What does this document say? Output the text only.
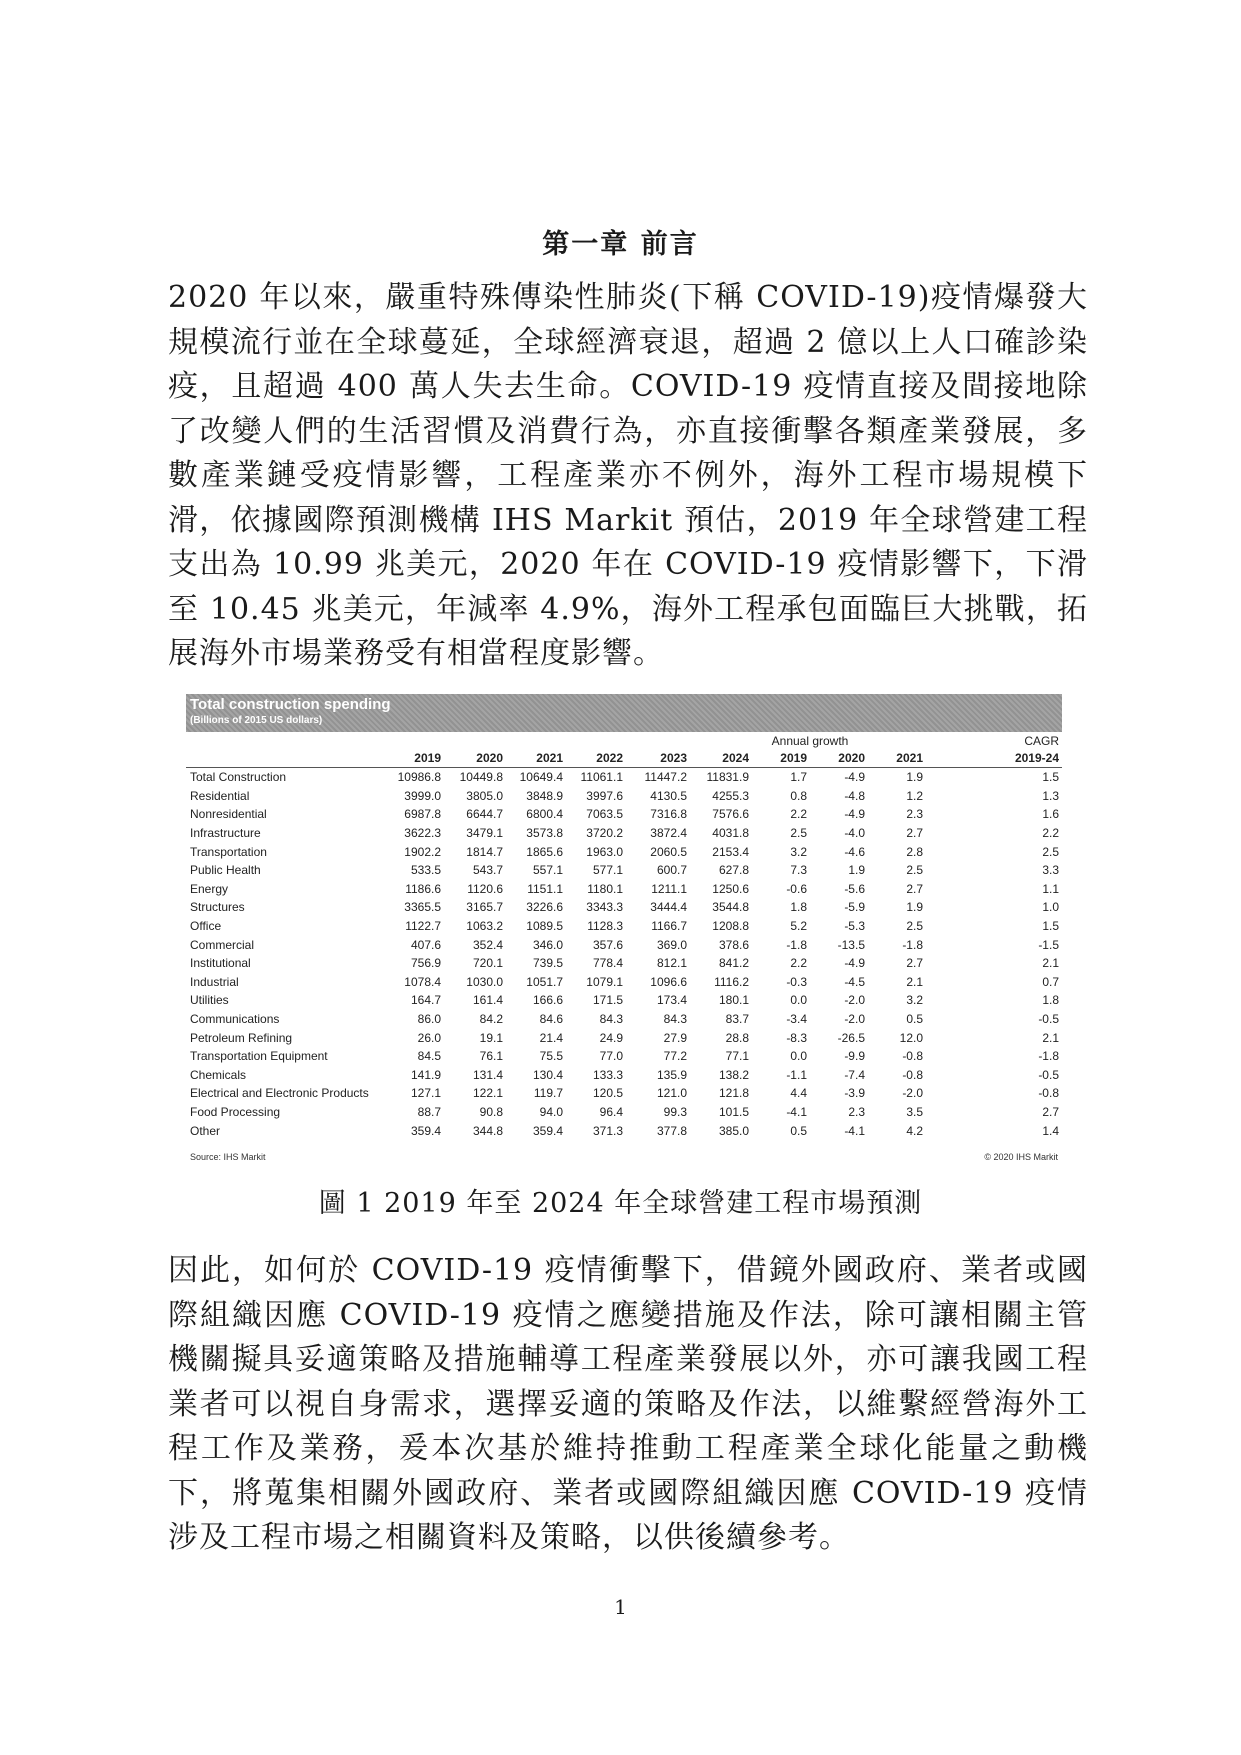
第一章 前言
2020 年以來，嚴重特殊傳染性肺炎(下稱 COVID-19)疫情爆發大規模流行並在全球蔓延，全球經濟衰退，超過 2 億以上人口確診染疫，且超過 400 萬人失去生命。COVID-19 疫情直接及間接地除了改變人們的生活習慣及消費行為，亦直接衝擊各類產業發展，多數產業鏈受疫情影響，工程產業亦不例外，海外工程市場規模下滑，依據國際預測機構 IHS Markit 預估，2019 年全球營建工程支出為 10.99 兆美元，2020 年在 COVID-19 疫情影響下，下滑至 10.45 兆美元，年減率 4.9%，海外工程承包面臨巨大挑戰，拓展海外市場業務受有相當程度影響。
Total construction spending
(Billions of 2015 US dollars)
							Annual growth			CAGR
	2019	2020	2021	2022	2023	2024	2019	2020	2021	2019-24
Total Construction	10986.8	10449.8	10649.4	11061.1	11447.2	11831.9	1.7	-4.9	1.9	1.5
Residential	3999.0	3805.0	3848.9	3997.6	4130.5	4255.3	0.8	-4.8	1.2	1.3
Nonresidential	6987.8	6644.7	6800.4	7063.5	7316.8	7576.6	2.2	-4.9	2.3	1.6
Infrastructure	3622.3	3479.1	3573.8	3720.2	3872.4	4031.8	2.5	-4.0	2.7	2.2
Transportation	1902.2	1814.7	1865.6	1963.0	2060.5	2153.4	3.2	-4.6	2.8	2.5
Public Health	533.5	543.7	557.1	577.1	600.7	627.8	7.3	1.9	2.5	3.3
Energy	1186.6	1120.6	1151.1	1180.1	1211.1	1250.6	-0.6	-5.6	2.7	1.1
Structures	3365.5	3165.7	3226.6	3343.3	3444.4	3544.8	1.8	-5.9	1.9	1.0
Office	1122.7	1063.2	1089.5	1128.3	1166.7	1208.8	5.2	-5.3	2.5	1.5
Commercial	407.6	352.4	346.0	357.6	369.0	378.6	-1.8	-13.5	-1.8	-1.5
Institutional	756.9	720.1	739.5	778.4	812.1	841.2	2.2	-4.9	2.7	2.1
Industrial	1078.4	1030.0	1051.7	1079.1	1096.6	1116.2	-0.3	-4.5	2.1	0.7
Utilities	164.7	161.4	166.6	171.5	173.4	180.1	0.0	-2.0	3.2	1.8
Communications	86.0	84.2	84.6	84.3	84.3	83.7	-3.4	-2.0	0.5	-0.5
Petroleum Refining	26.0	19.1	21.4	24.9	27.9	28.8	-8.3	-26.5	12.0	2.1
Transportation Equipment	84.5	76.1	75.5	77.0	77.2	77.1	0.0	-9.9	-0.8	-1.8
Chemicals	141.9	131.4	130.4	133.3	135.9	138.2	-1.1	-7.4	-0.8	-0.5
Electrical and Electronic Products	127.1	122.1	119.7	120.5	121.0	121.8	4.4	-3.9	-2.0	-0.8
Food Processing	88.7	90.8	94.0	96.4	99.3	101.5	-4.1	2.3	3.5	2.7
Other	359.4	344.8	359.4	371.3	377.8	385.0	0.5	-4.1	4.2	1.4
Source: IHS Markit	© 2020 IHS Markit
圖 1 2019 年至 2024 年全球營建工程市場預測
因此，如何於 COVID-19 疫情衝擊下，借鏡外國政府、業者或國際組織因應 COVID-19 疫情之應變措施及作法，除可讓相關主管機關擬具妥適策略及措施輔導工程產業發展以外，亦可讓我國工程業者可以視自身需求，選擇妥適的策略及作法，以維繫經營海外工程工作及業務，爰本次基於維持推動工程產業全球化能量之動機下，將蒐集相關外國政府、業者或國際組織因應 COVID-19 疫情涉及工程市場之相關資料及策略，以供後續參考。
1
